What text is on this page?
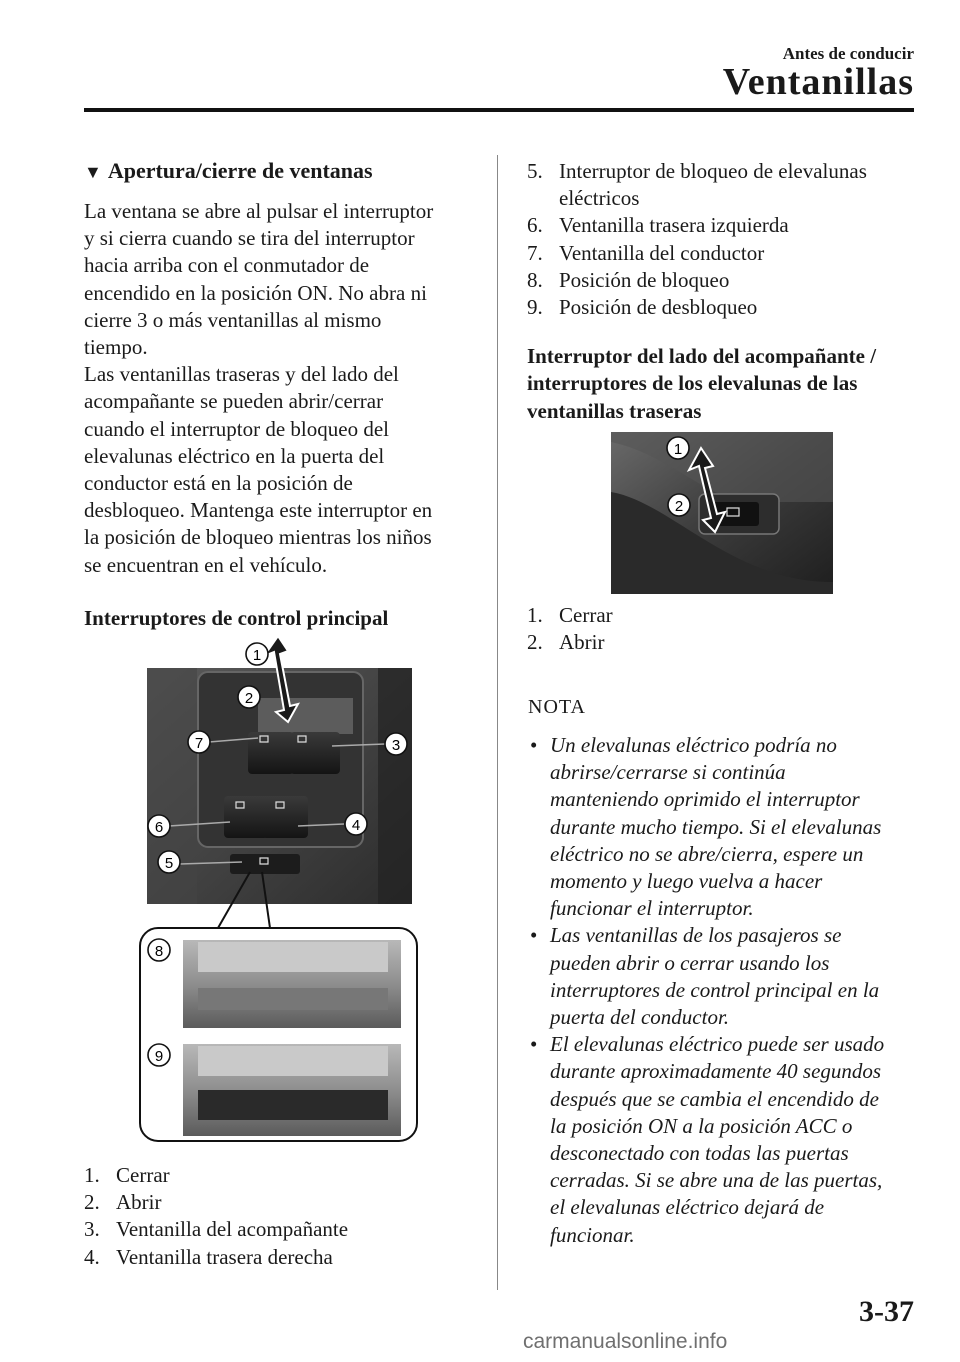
Antes de conducir
Ventanillas
▼ Apertura/cierre de ventanas

La ventana se abre al pulsar el interruptor
y si cierra cuando se tira del interruptor
hacia arriba con el conmutador de
encendido en la posición ON. No abra ni
cierre 3 o más ventanillas al mismo
tiempo.

Las ventanillas traseras y del lado del
acompañante se pueden abrir/cerrar
cuando el interruptor de bloqueo del
elevalunas eléctrico en la puerta del
conductor está en la posición de
desbloqueo. Mantenga este interruptor en
la posición de bloqueo mientras los niños
se encuentran en el vehículo.

Interruptores de control principal

1
2
7	3
6	4
5
8
9
1. Cerrar
2. Abrir
3. Ventanilla del acompañante
4. Ventanilla trasera derecha
5. Interruptor de bloqueo de elevalunas
eléctricos
6. Ventanilla trasera izquierda
7. Ventanilla del conductor
8. Posición de bloqueo
9. Posición de desbloqueo

Interruptor del lado del acompañante /
interruptores de los elevalunas de las
ventanillas traseras

1
2
1. Cerrar
2. Abrir

NOTA

• Un elevalunas eléctrico podría no
abrirse/cerrarse si continúa
manteniendo oprimido el interruptor
durante mucho tiempo. Si el elevalunas
eléctrico no se abre/cierra, espere un
momento y luego vuelva a hacer
funcionar el interruptor.
• Las ventanillas de los pasajeros se
pueden abrir o cerrar usando los
interruptores de control principal en la
puerta del conductor.
• El elevalunas eléctrico puede ser usado
durante aproximadamente 40 segundos
después que se cambia el encendido de
la posición ON a la posición ACC o
desconectado con todas las puertas
cerradas. Si se abre una de las puertas,
el elevalunas eléctrico dejará de
funcionar.
3-37
carmanualsonline.info
